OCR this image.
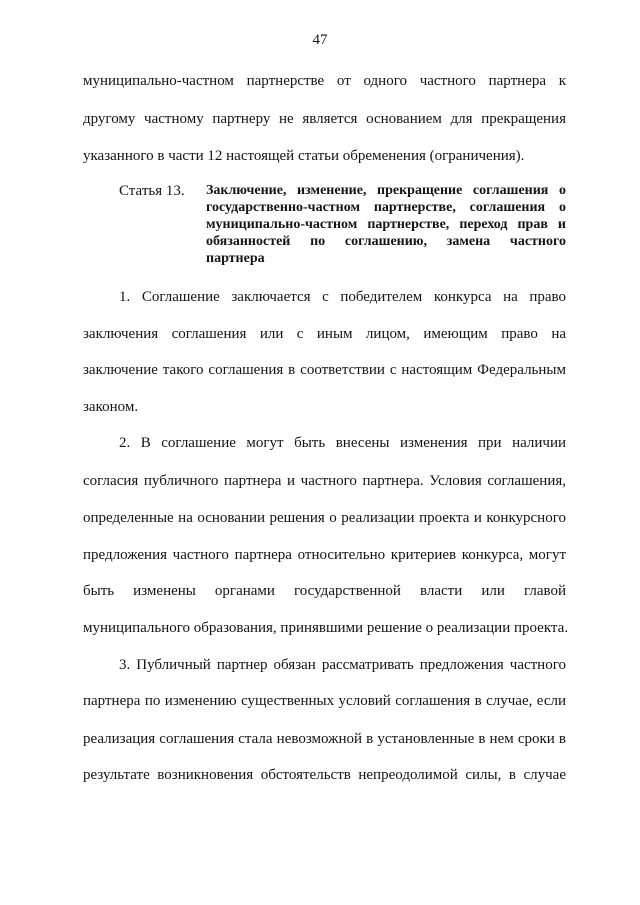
47
муниципально-частном партнерстве от одного частного партнера к
другому частному партнеру не является основанием для прекращения
указанного в части 12 настоящей статьи обременения (ограничения).
Статья 13. Заключение, изменение, прекращение соглашения о
государственно-частном партнерстве, соглашения о
муниципально-частном партнерстве, переход прав и
обязанностей по соглашению, замена частного
партнера
1. Соглашение заключается с победителем конкурса на право
заключения соглашения или с иным лицом, имеющим право на
заключение такого соглашения в соответствии с настоящим Федеральным
законом.
2. В соглашение могут быть внесены изменения при наличии
согласия публичного партнера и частного партнера. Условия соглашения,
определенные на основании решения о реализации проекта и конкурсного
предложения частного партнера относительно критериев конкурса, могут
быть изменены органами государственной власти или главой
муниципального образования, принявшими решение о реализации проекта.
3. Публичный партнер обязан рассматривать предложения частного
партнера по изменению существенных условий соглашения в случае, если
реализация соглашения стала невозможной в установленные в нем сроки в
результате возникновения обстоятельств непреодолимой силы, в случае
